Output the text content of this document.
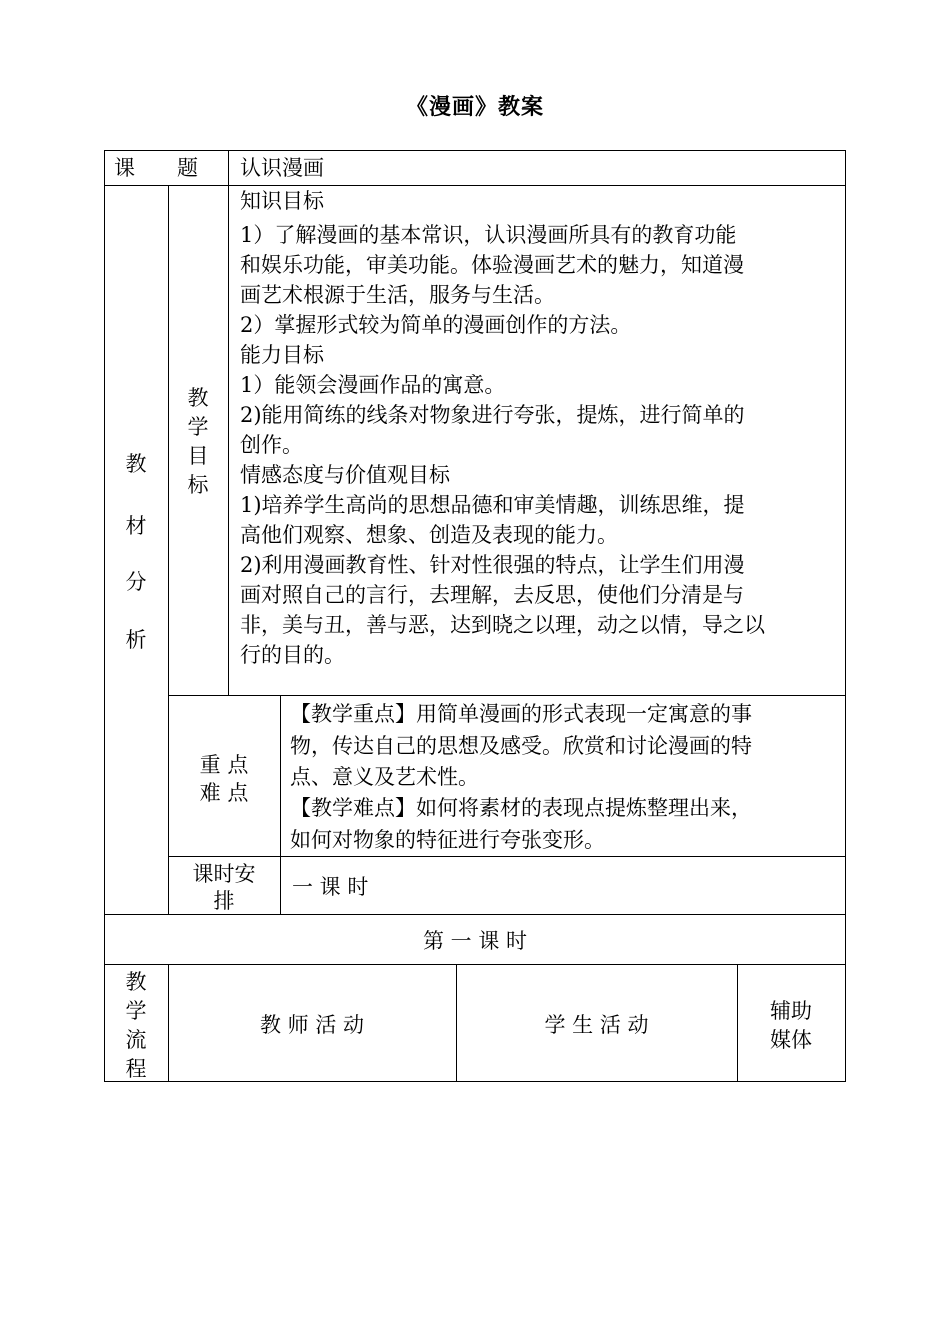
《漫画》教案
课　　题 认识漫画
教
材
分
析
教
学
目
标
知识目标
1）了解漫画的基本常识，认识漫画所具有的教育功能
和娱乐功能，审美功能。体验漫画艺术的魅力，知道漫
画艺术根源于生活，服务与生活。
2）掌握形式较为简单的漫画创作的方法。
能力目标
1）能领会漫画作品的寓意。
2)能用简练的线条对物象进行夸张，提炼，进行简单的
创作。
情感态度与价值观目标
1)培养学生高尚的思想品德和审美情趣，训练思维，提
高他们观察、想象、创造及表现的能力。
2)利用漫画教育性、针对性很强的特点，让学生们用漫
画对照自己的言行，去理解，去反思，使他们分清是与
非，美与丑，善与恶，达到晓之以理，动之以情，导之以
行的目的。
重 点
难 点
【教学重点】用简单漫画的形式表现一定寓意的事
物，传达自己的思想及感受。欣赏和讨论漫画的特
点、意义及艺术性。
【教学难点】如何将素材的表现点提炼整理出来，
如何对物象的特征进行夸张变形。
课时安
排
一 课 时
第 一 课 时
教
学
流
程
教 师 活 动	学 生 活 动
辅助
媒体
